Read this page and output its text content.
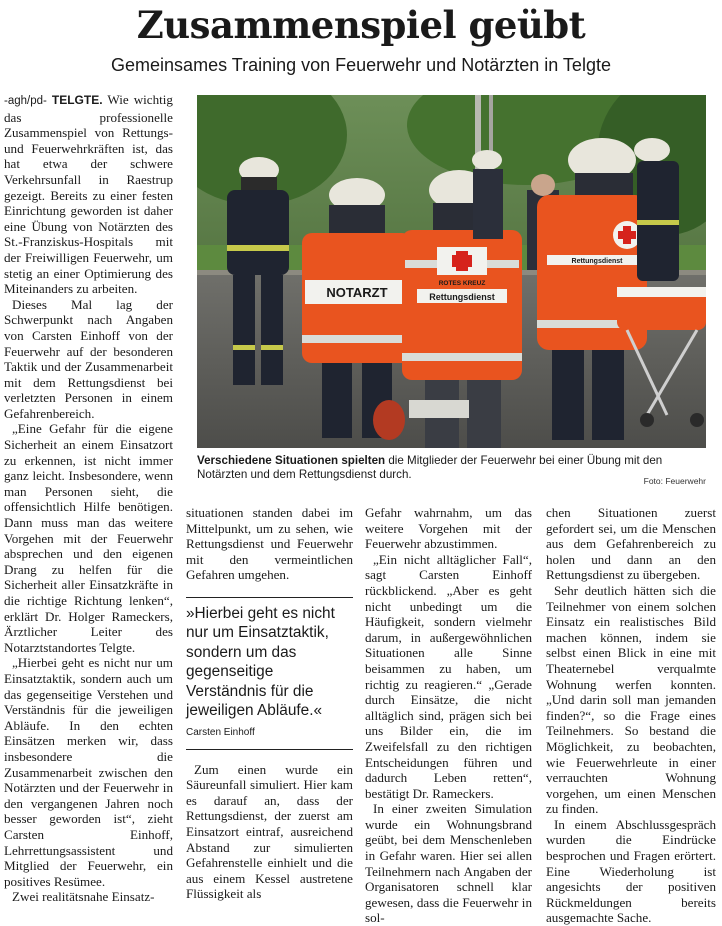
Zusammenspiel geübt
Gemeinsames Training von Feuerwehr und Notärzten in Telgte

-agh/pd- TELGTE. Wie wichtig das professionelle Zusammenspiel von Rettungs- und Feuerwehrkräften ist, das hat etwa der schwere Verkehrsunfall in Raestrup gezeigt. Bereits zu einer festen Einrichtung geworden ist daher eine Übung von Notärzten des St.-Franziskus-Hospitals mit der Freiwilligen Feuerwehr, um stetig an einer Optimierung des Miteinanders zu arbeiten.

Dieses Mal lag der Schwerpunkt nach Angaben von Carsten Einhoff von der Feuerwehr auf der besonderen Taktik und der Zusammenarbeit mit dem Rettungsdienst bei verletzten Personen in einem Gefahrenbereich.

„Eine Gefahr für die eigene Sicherheit an einem Einsatzort zu erkennen, ist nicht immer ganz leicht. Insbesondere, wenn man Personen sieht, die offensichtlich Hilfe benötigen. Dann muss man das weitere Vorgehen mit der Feuerwehr absprechen und den eigenen Drang zu helfen für die Sicherheit aller Einsatzkräfte in die richtige Richtung lenken“, erklärt Dr. Holger Rameckers, Ärztlicher Leiter des Notarztstandortes Telgte.

„Hierbei geht es nicht nur um Einsatztaktik, sondern auch um das gegenseitige Verstehen und Verständnis für die jeweiligen Abläufe. In den echten Einsätzen merken wir, dass insbesondere die Zusammenarbeit zwischen den Notärzten und der Feuerwehr in den vergangenen Jahren noch besser geworden ist“, zieht Carsten Einhoff, Lehrrettungsassistent und Mitglied der Feuerwehr, ein positives Resümee.

Zwei realitätsnahe Einsatz-

NOTARZT
ROTES KREUZ
Rettungsdienst
Rettungsdienst
Verschiedene Situationen spielten die Mitglieder der Feuerwehr bei einer Übung mit den Notärzten und dem Rettungsdienst durch.	Foto: Feuerwehr

situationen standen dabei im Mittelpunkt, um zu sehen, wie Rettungsdienst und Feuerwehr mit den vermeintlichen Gefahren umgehen.

»Hierbei geht es nicht nur um Einsatztaktik, sondern um das gegenseitige Verständnis für die jeweiligen Abläufe.«
Carsten Einhoff

Zum einen wurde ein Säureunfall simuliert. Hier kam es darauf an, dass der Rettungsdienst, der zuerst am Einsatzort eintraf, ausreichend Abstand zur simulierten Gefahrenstelle einhielt und die aus einem Kessel austretene Flüssigkeit als

Gefahr wahrnahm, um das weitere Vorgehen mit der Feuerwehr abzustimmen.

„Ein nicht alltäglicher Fall“, sagt Carsten Einhoff rückblickend. „Aber es geht nicht unbedingt um die Häufigkeit, sondern vielmehr darum, in außergewöhnlichen Situationen alle Sinne beisammen zu haben, um richtig zu reagieren.“ „Gerade durch Einsätze, die nicht alltäglich sind, prägen sich bei uns Bilder ein, die im Zweifelsfall zu den richtigen Entscheidungen führen und dadurch Leben retten“, bestätigt Dr. Rameckers.

In einer zweiten Simulation wurde ein Wohnungsbrand geübt, bei dem Menschenleben in Gefahr waren. Hier sei allen Teilnehmern nach Angaben der Organisatoren schnell klar gewesen, dass die Feuerwehr in sol-

chen Situationen zuerst gefordert sei, um die Menschen aus dem Gefahrenbereich zu holen und dann an den Rettungsdienst zu übergeben.

Sehr deutlich hätten sich die Teilnehmer von einem solchen Einsatz ein realistisches Bild machen können, indem sie selbst einen Blick in eine mit Theaternebel verqualmte Wohnung werfen konnten. „Und darin soll man jemanden finden?“, so die Frage eines Teilnehmers. So bestand die Möglichkeit, zu beobachten, wie Feuerwehrleute in einer verrauchten Wohnung vorgehen, um einen Menschen zu finden.

In einem Abschlussgespräch wurden die Eindrücke besprochen und Fragen erörtert. Eine Wiederholung ist angesichts der positiven Rückmeldungen bereits ausgemachte Sache.
